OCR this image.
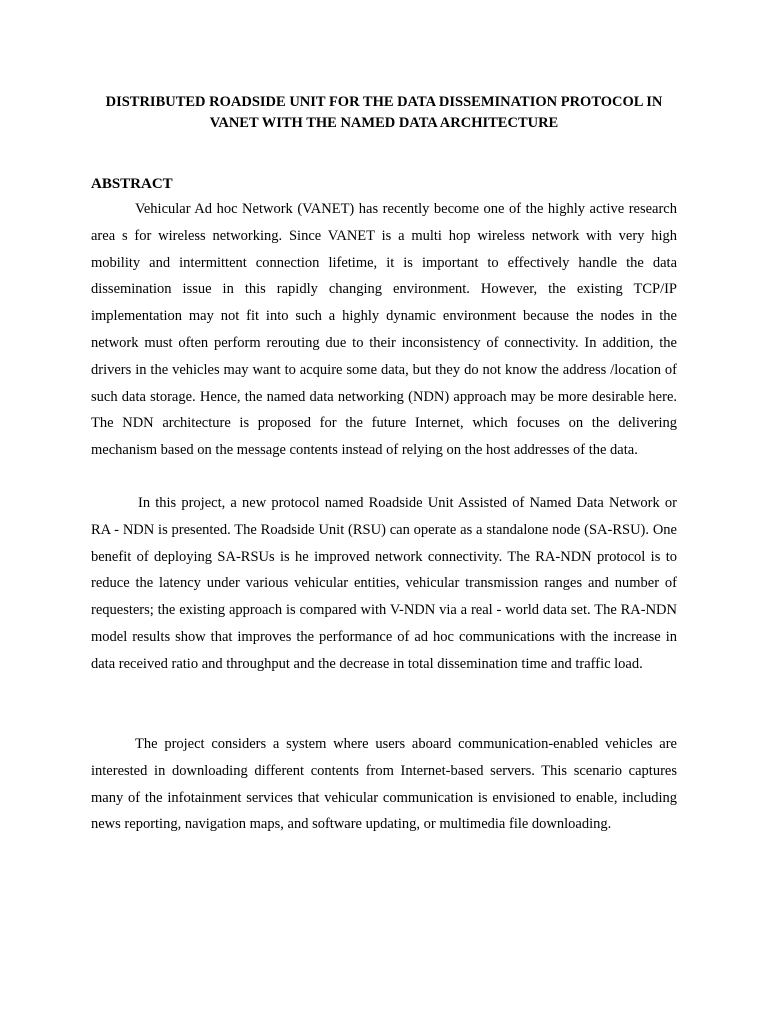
DISTRIBUTED ROADSIDE UNIT FOR THE DATA DISSEMINATION PROTOCOL IN
VANET WITH THE NAMED DATA ARCHITECTURE
ABSTRACT

Vehicular Ad hoc Network (VANET) has recently become one of the highly active research area s for wireless networking. Since VANET is a multi hop wireless network with very high mobility and intermittent connection lifetime, it is important to effectively handle the data dissemination issue in this rapidly changing environment. However, the existing TCP/IP implementation may not fit into such a highly dynamic environment because the nodes in the network must often perform rerouting due to their inconsistency of connectivity. In addition, the drivers in the vehicles may want to acquire some data, but they do not know the address /location of such data storage. Hence, the named data networking (NDN) approach may be more desirable here. The NDN architecture is proposed for the future Internet, which focuses on the delivering mechanism based on the message contents instead of relying on the host addresses of the data.

In this project, a new protocol named Roadside Unit Assisted of Named Data Network or RA - NDN is presented. The Roadside Unit (RSU) can operate as a standalone node (SA-RSU). One benefit of deploying SA-RSUs is he improved network connectivity. The RA-NDN protocol is to reduce the latency under various vehicular entities, vehicular transmission ranges and number of requesters; the existing approach is compared with V-NDN via a real - world data set. The RA-NDN model results show that improves the performance of ad hoc communications with the increase in data received ratio and throughput and the decrease in total dissemination time and traffic load.

The project considers a system where users aboard communication-enabled vehicles are interested in downloading different contents from Internet-based servers. This scenario captures many of the infotainment services that vehicular communication is envisioned to enable, including news reporting, navigation maps, and software updating, or multimedia file downloading.
